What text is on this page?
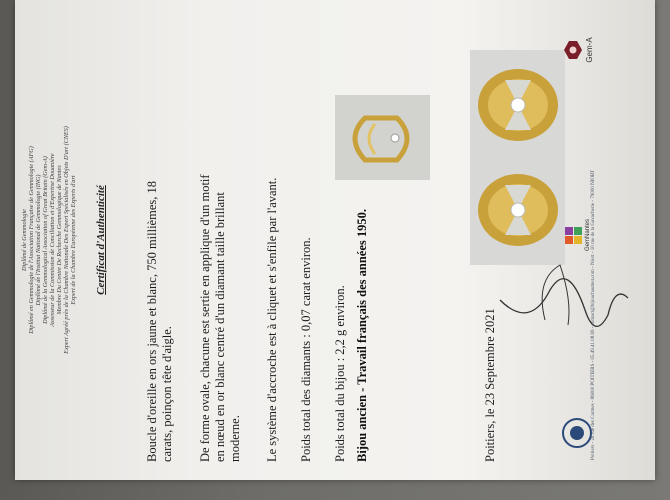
Diplômé de Gemmologie Diplômé en Gemmologie de l'Association Française de Gemmologie (AFG) Diplômé de l'Institut National de Gemmologie (ING) Diplômé de la Gemmological Association of Great Britain (Gem-A) Assesseur de la Commission de Conciliation et d'Expertise Douanière Membre Du Centre De Recherche Gemmologique de Nantes Expert Agréé près de la Chambre Nationale Des Expert Spécialisés en Objets D'art (CNES) Expert de la Chambre Européenne des Experts d'art Certificat d'Authenticité	Boucle d'oreille en ors jaune et blanc, 750 millièmes, 18 carats, poinçon tête d'aigle. De forme ovale, chacune est sertie en applique d'un motif en nœud en or blanc centré d'un diamant taille brillant moderne. Le système d'accroche est à cliquet et s'enfile par l'avant. Poids total des diamants : 0,07 carat environ. Poids total du bijou : 2,2 g environ. Bijou ancien - Travail français des années 1950.	Poitiers, le 23 Septembre 2021
GemNantes
Gem-A
Poitiers - 28 rue des Carmes - 86000 POITIERS - 05.49.41.08.69 - contact@bijouchaumet.com - Niort - 10 rue de la Gavacherie - 79000 NIORT
